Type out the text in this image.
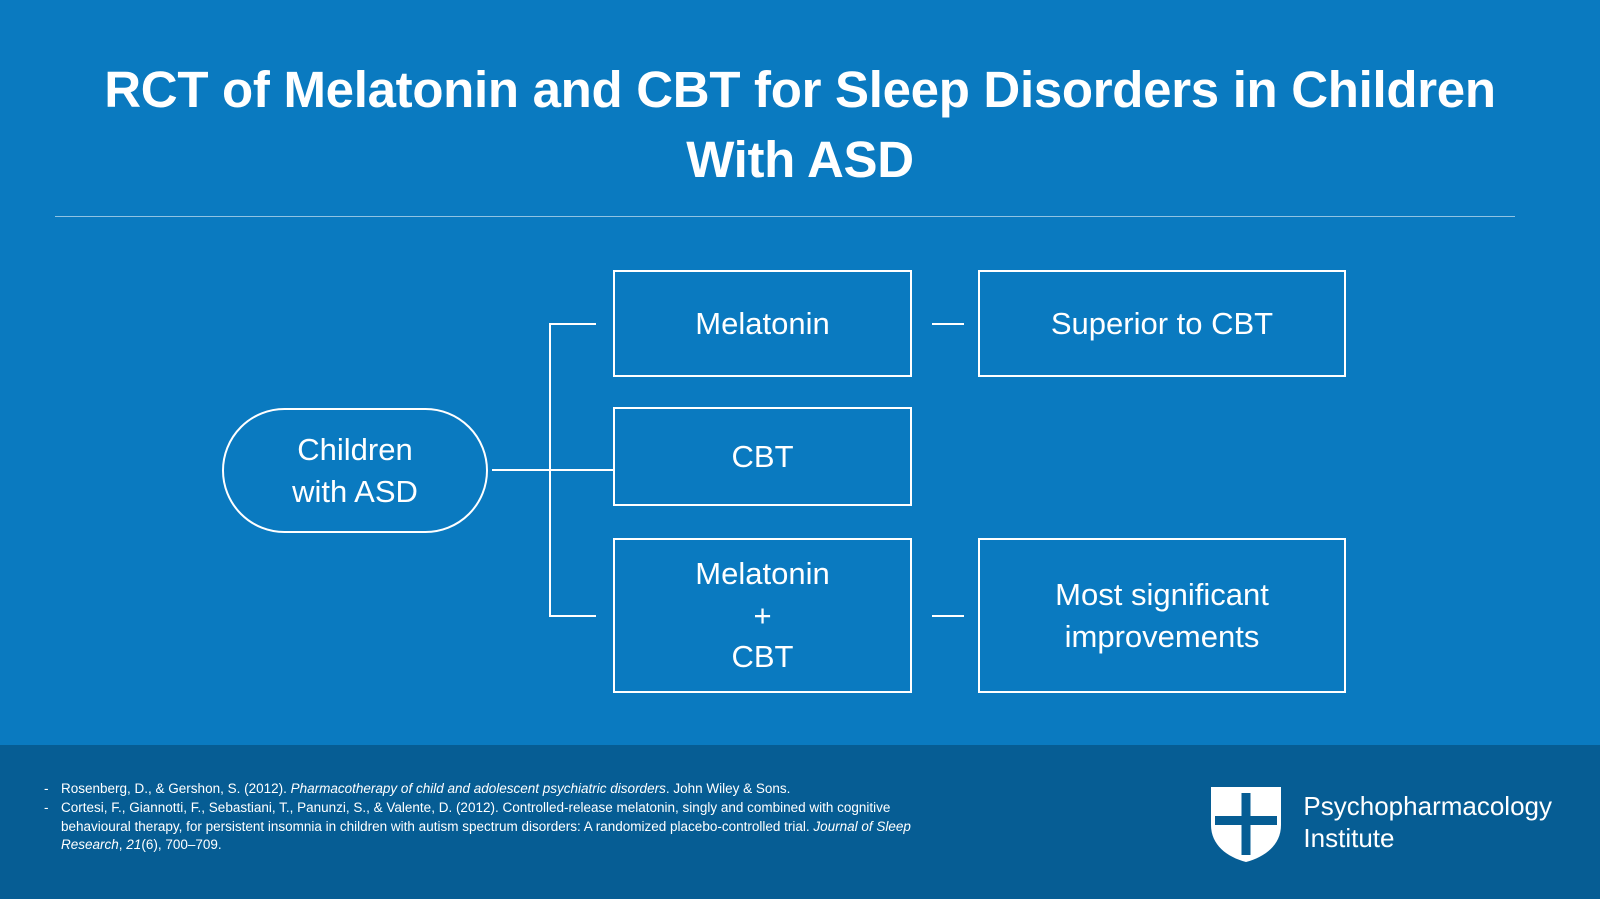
RCT of Melatonin and CBT for Sleep Disorders in Children With ASD
Children
with ASD
Melatonin
CBT
Melatonin
+
CBT
Superior to CBT
Most significant
improvements
- Rosenberg, D., & Gershon, S. (2012). Pharmacotherapy of child and adolescent psychiatric disorders. John Wiley & Sons.
- Cortesi, F., Giannotti, F., Sebastiani, T., Panunzi, S., & Valente, D. (2012). Controlled-release melatonin, singly and combined with cognitive behavioural therapy, for persistent insomnia in children with autism spectrum disorders: A randomized placebo-controlled trial. Journal of Sleep Research, 21(6), 700–709.
Psychopharmacology
Institute
